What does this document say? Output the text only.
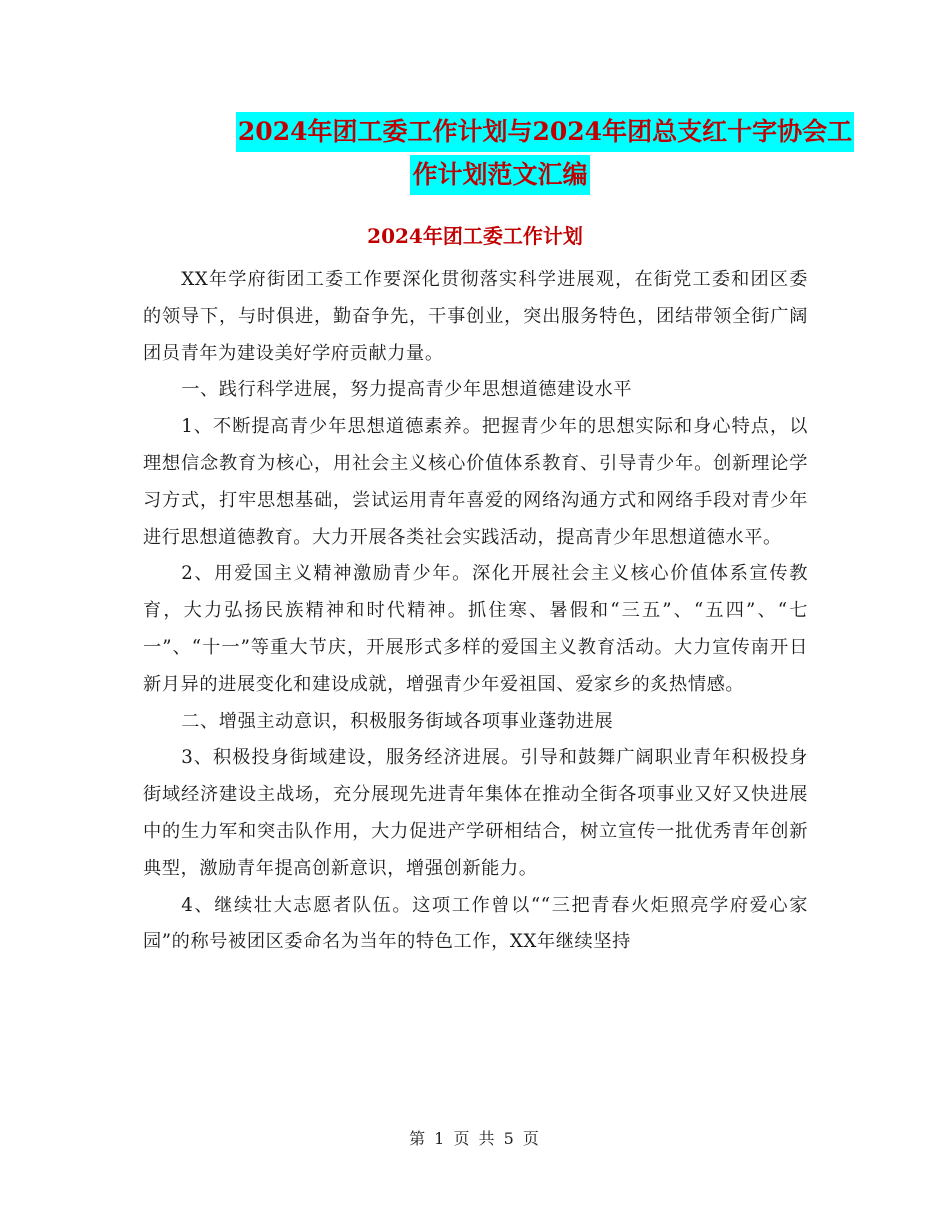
2024年团工委工作计划与2024年团总支红十字协会工
作计划范文汇编
2024年团工委工作计划

XX年学府街团工委工作要深化贯彻落实科学进展观，在街党工委和团区委的领导下，与时俱进，勤奋争先，干事创业，突出服务特色，团结带领全街广阔团员青年为建设美好学府贡献力量。

一、践行科学进展，努力提高青少年思想道德建设水平

1、不断提高青少年思想道德素养。把握青少年的思想实际和身心特点，以理想信念教育为核心，用社会主义核心价值体系教育、引导青少年。创新理论学习方式，打牢思想基础，尝试运用青年喜爱的网络沟通方式和网络手段对青少年进行思想道德教育。大力开展各类社会实践活动，提高青少年思想道德水平。

2、用爱国主义精神激励青少年。深化开展社会主义核心价值体系宣传教育，大力弘扬民族精神和时代精神。抓住寒、暑假和“三五”、“五四”、“七一”、“十一”等重大节庆，开展形式多样的爱国主义教育活动。大力宣传南开日新月异的进展变化和建设成就，增强青少年爱祖国、爱家乡的炙热情感。

二、增强主动意识，积极服务街域各项事业蓬勃进展

3、积极投身街域建设，服务经济进展。引导和鼓舞广阔职业青年积极投身街域经济建设主战场，充分展现先进青年集体在推动全街各项事业又好又快进展中的生力军和突击队作用，大力促进产学研相结合，树立宣传一批优秀青年创新典型，激励青年提高创新意识，增强创新能力。

4、继续壮大志愿者队伍。这项工作曾以““三把青春火炬照亮学府爱心家园”的称号被团区委命名为当年的特色工作，XX年继续坚持

第 1 页 共 5 页
